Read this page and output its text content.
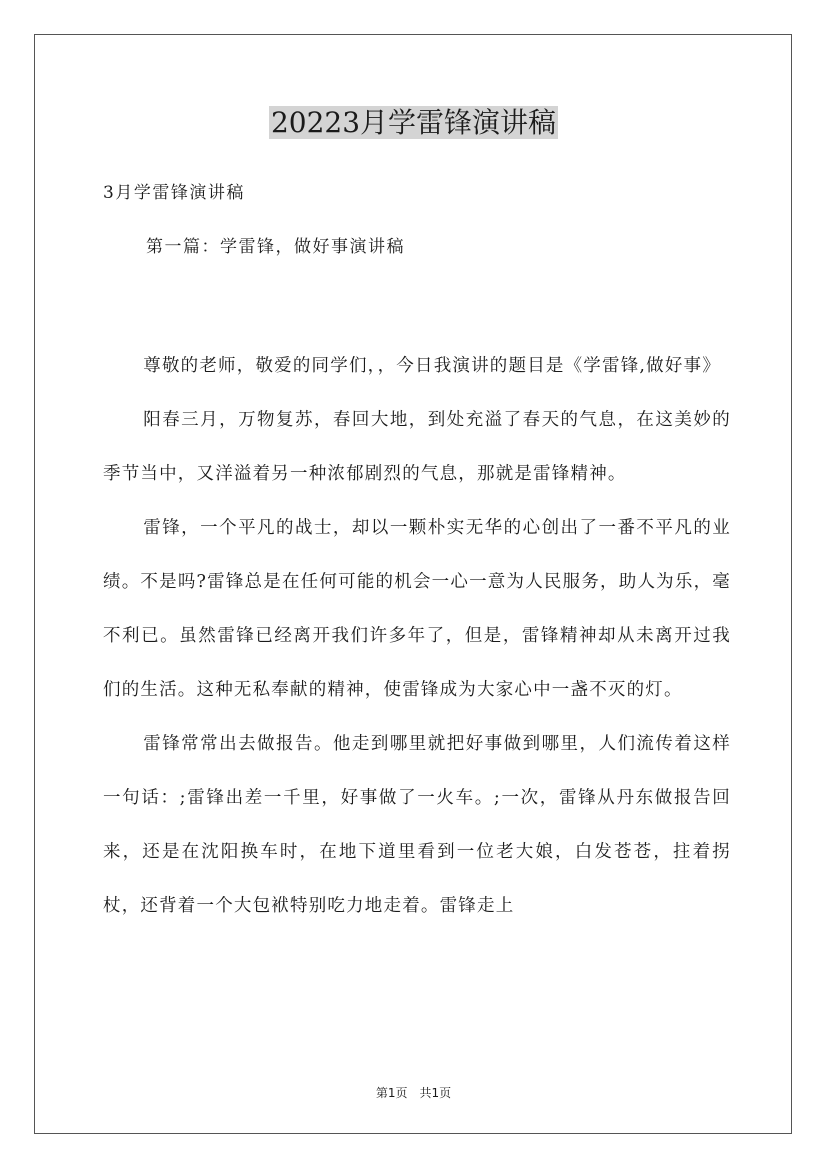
20223月学雷锋演讲稿
3月学雷锋演讲稿
第一篇：学雷锋，做好事演讲稿

尊敬的老师，敬爱的同学们，，今日我演讲的题目是《学雷锋,做好事》

阳春三月，万物复苏，春回大地，到处充溢了春天的气息，在这美妙的季节当中，又洋溢着另一种浓郁剧烈的气息，那就是雷锋精神。

雷锋，一个平凡的战士，却以一颗朴实无华的心创出了一番不平凡的业绩。不是吗?雷锋总是在任何可能的机会一心一意为人民服务，助人为乐，毫不利已。虽然雷锋已经离开我们许多年了，但是，雷锋精神却从未离开过我们的生活。这种无私奉献的精神，使雷锋成为大家心中一盏不灭的灯。

雷锋常常出去做报告。他走到哪里就把好事做到哪里，人们流传着这样一句话：;雷锋出差一千里，好事做了一火车。;一次，雷锋从丹东做报告回来，还是在沈阳换车时，在地下道里看到一位老大娘，白发苍苍，拄着拐杖，还背着一个大包袱特别吃力地走着。雷锋走上

第1页 共1页
